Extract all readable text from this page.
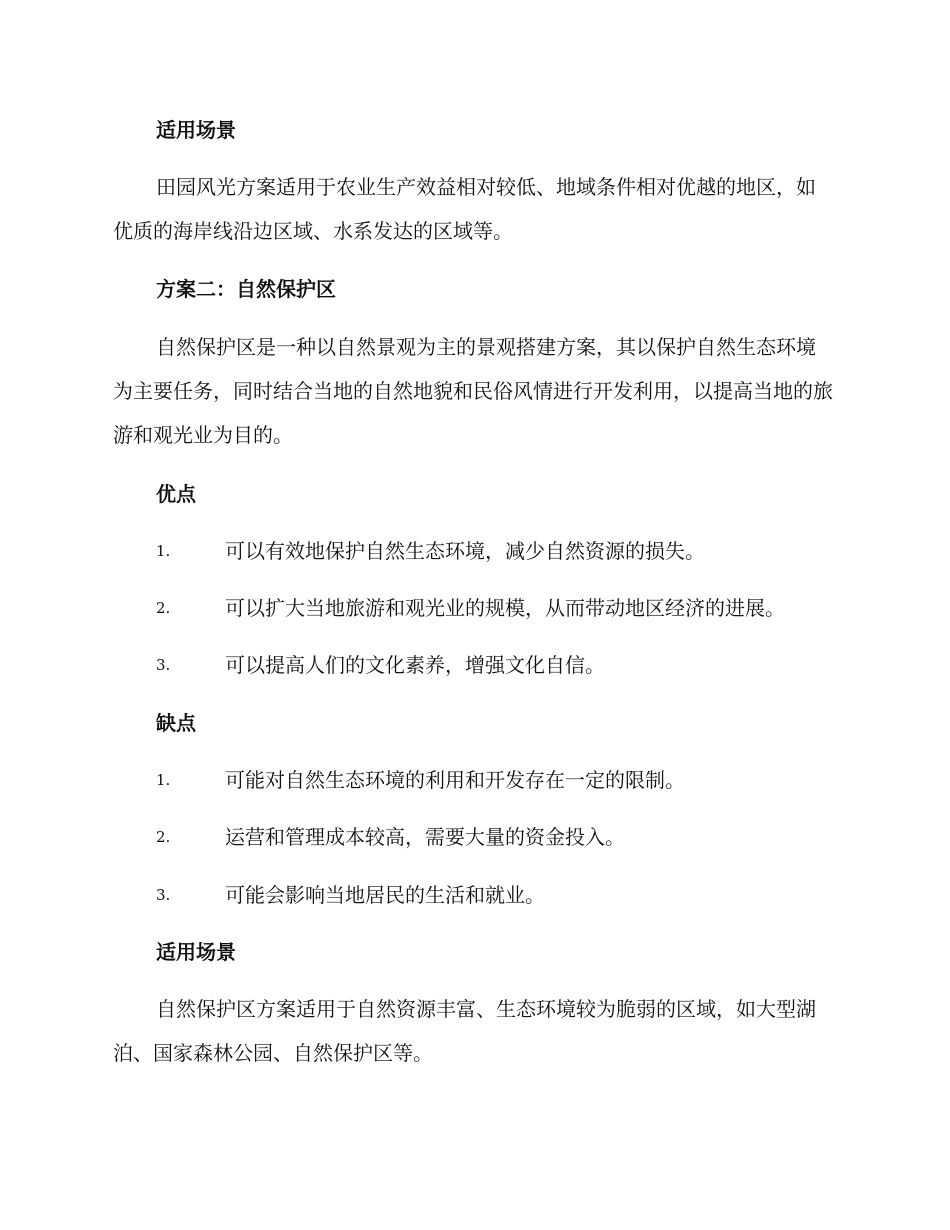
适用场景

田园风光方案适用于农业生产效益相对较低、地域条件相对优越的地区，如优质的海岸线沿边区域、水系发达的区域等。

方案二：自然保护区

自然保护区是一种以自然景观为主的景观搭建方案，其以保护自然生态环境为主要任务，同时结合当地的自然地貌和民俗风情进行开发利用，以提高当地的旅游和观光业为目的。

优点
1.	可以有效地保护自然生态环境，减少自然资源的损失。
2.	可以扩大当地旅游和观光业的规模，从而带动地区经济的进展。
3.	可以提高人们的文化素养，增强文化自信。
缺点
1.	可能对自然生态环境的利用和开发存在一定的限制。
2.	运营和管理成本较高，需要大量的资金投入。
3.	可能会影响当地居民的生活和就业。
适用场景

自然保护区方案适用于自然资源丰富、生态环境较为脆弱的区域，如大型湖泊、国家森林公园、自然保护区等。
